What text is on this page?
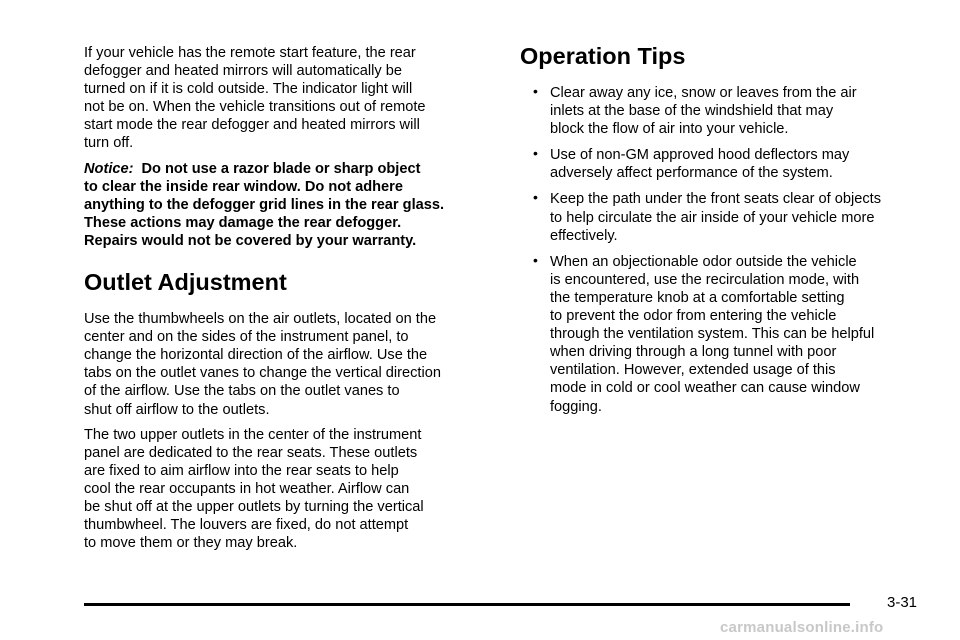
If your vehicle has the remote start feature, the rear
defogger and heated mirrors will automatically be
turned on if it is cold outside. The indicator light will
not be on. When the vehicle transitions out of remote
start mode the rear defogger and heated mirrors will
turn off.

Notice: Do not use a razor blade or sharp object
to clear the inside rear window. Do not adhere
anything to the defogger grid lines in the rear glass.
These actions may damage the rear defogger.
Repairs would not be covered by your warranty.

Outlet Adjustment

Use the thumbwheels on the air outlets, located on the
center and on the sides of the instrument panel, to
change the horizontal direction of the airflow. Use the
tabs on the outlet vanes to change the vertical direction
of the airflow. Use the tabs on the outlet vanes to
shut off airflow to the outlets.

The two upper outlets in the center of the instrument
panel are dedicated to the rear seats. These outlets
are fixed to aim airflow into the rear seats to help
cool the rear occupants in hot weather. Airflow can
be shut off at the upper outlets by turning the vertical
thumbwheel. The louvers are fixed, do not attempt
to move them or they may break.

Operation Tips
• Clear away any ice, snow or leaves from the air
inlets at the base of the windshield that may
block the flow of air into your vehicle.
• Use of non-GM approved hood deflectors may
adversely affect performance of the system.
• Keep the path under the front seats clear of objects
to help circulate the air inside of your vehicle more
effectively.
• When an objectionable odor outside the vehicle
is encountered, use the recirculation mode, with
the temperature knob at a comfortable setting
to prevent the odor from entering the vehicle
through the ventilation system. This can be helpful
when driving through a long tunnel with poor
ventilation. However, extended usage of this
mode in cold or cool weather can cause window
fogging.
3-31
carmanualsonline.info
